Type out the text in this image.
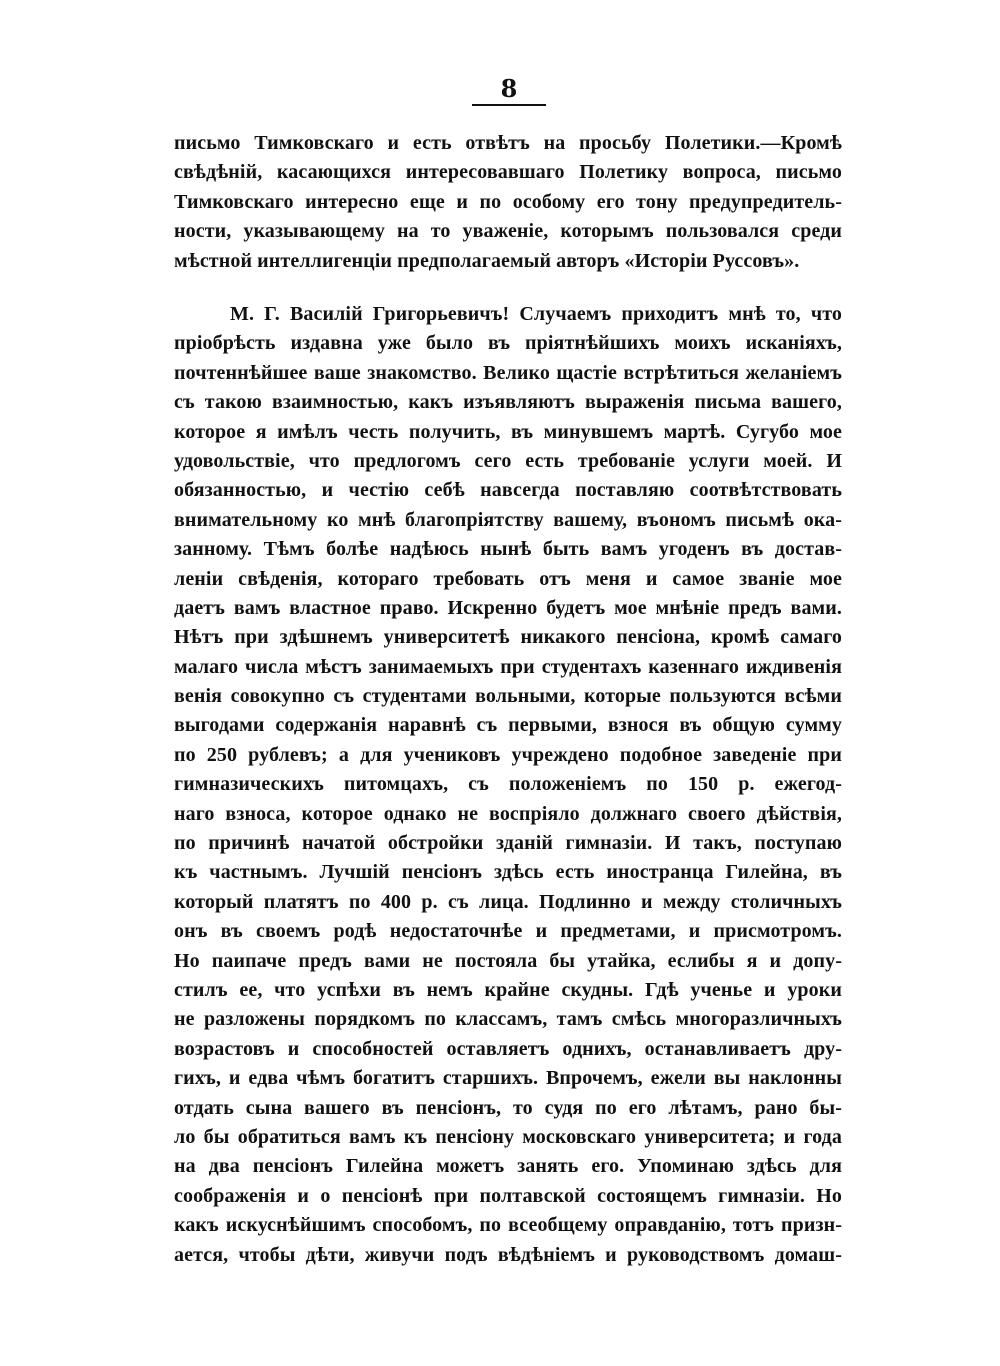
8
письмо Тимковскаго и есть отвѣтъ на просьбу Полетики.—Кромѣ
свѣдѣній, касающихся интересовавшаго Полетику вопроса, письмо
Тимковскаго интересно еще и по особому его тону предупредитель-
ности, указывающему на то уваженіе, которымъ пользовался среди
мѣстной интеллигенціи предполагаемый авторъ «Исторіи Руссовъ».
М. Г. Василій Григорьевичъ! Случаемъ приходитъ мнѣ то, что
пріобрѣсть издавна уже было въ пріятнѣйшихъ моихъ исканіяхъ,
почтеннѣйшее ваше знакомство. Велико щастіе встрѣтиться желаніемъ
съ такою взаимностью, какъ изъявляютъ выраженія письма вашего,
которое я имѣлъ честь получить, въ минувшемъ мартѣ. Сугубо мое
удовольствіе, что предлогомъ сего есть требованіе услуги моей. И
обязанностью, и честію себѣ навсегда поставляю соотвѣтствовать
внимательному ко мнѣ благопріятству вашему, въономъ письмѣ ока-
занному. Тѣмъ болѣе надѣюсь нынѣ быть вамъ угоденъ въ достав-
леніи свѣденія, котораго требовать отъ меня и самое званіе мое
даетъ вамъ властное право. Искренно будетъ мое мнѣніе предъ вами.
Нѣтъ при здѣшнемъ университетѣ никакого пенсіона, кромѣ самаго
малаго числа мѣстъ занимаемыхъ при студентахъ казеннаго иждивенія
венія совокупно съ студентами вольными, которые пользуются всѣми
выгодами содержанія наравнѣ съ первыми, взнося въ общую сумму
по 250 рублевъ; а для учениковъ учреждено подобное заведеніе при
гимназическихъ питомцахъ, съ положеніемъ по 150 р. ежегод-
наго взноса, которое однако не воспріяло должнаго своего дѣйствія,
по причинѣ начатой обстройки зданій гимназіи. И такъ, поступаю
къ частнымъ. Лучшій пенсіонъ здѣсь есть иностранца Гилейна, въ
который платятъ по 400 р. съ лица. Подлинно и между столичныхъ
онъ въ своемъ родѣ недостаточнѣе и предметами, и присмотромъ.
Но паипаче предъ вами не постояла бы утайка, еслибы я и допу-
стилъ ее, что успѣхи въ немъ крайне скудны. Гдѣ ученье и уроки
не разложены порядкомъ по классамъ, тамъ смѣсь многоразличныхъ
возрастовъ и способностей оставляетъ однихъ, останавливаетъ дру-
гихъ, и едва чѣмъ богатитъ старшихъ. Впрочемъ, ежели вы наклонны
отдать сына вашего въ пенсіонъ, то судя по его лѣтамъ, рано бы-
ло бы обратиться вамъ къ пенсіону московскаго университета; и года
на два пенсіонъ Гилейна можетъ занять его. Упоминаю здѣсь для
соображенія и о пенсіонѣ при полтавской состоящемъ гимназіи. Но
какъ искуснѣйшимъ способомъ, по всеобщему оправданію, тотъ призн-
ается, чтобы дѣти, живучи подъ вѣдѣніемъ и руководствомъ домаш-
